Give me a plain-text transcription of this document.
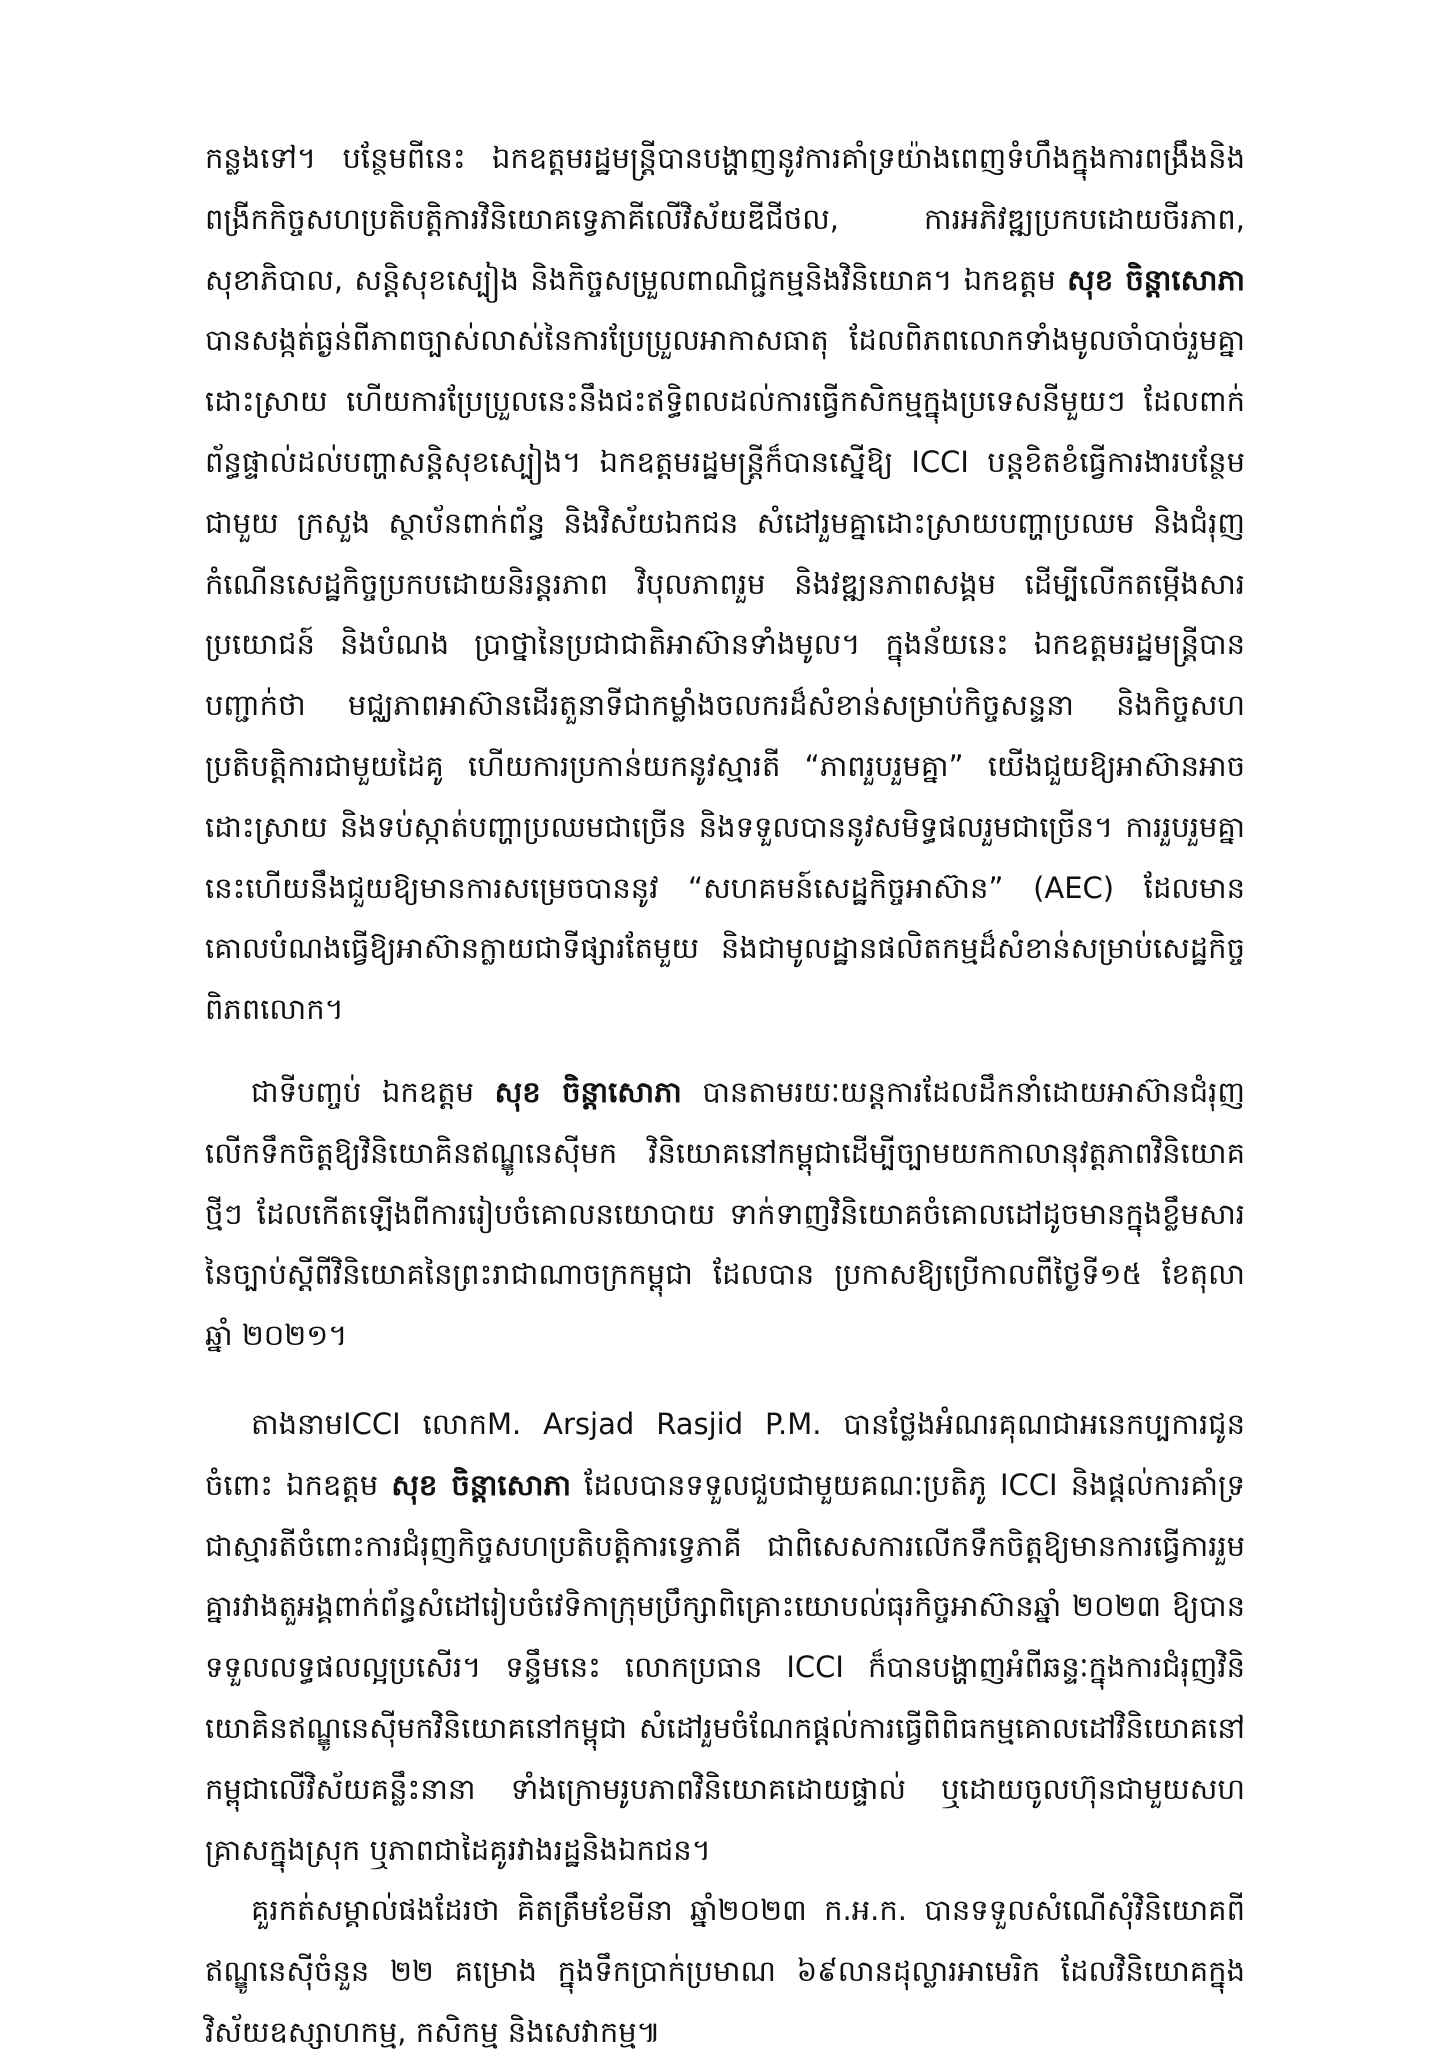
កន្លងទៅ។ បន្ថែមពីនេះ ឯកឧត្តមរដ្ឋមន្ត្រីបានបង្ហាញនូវការគាំទ្រយ៉ាងពេញទំហឹងក្នុងការពង្រឹងនិងពង្រីកកិច្ចសហប្រតិបត្តិការវិនិយោគទ្វេភាគីលើវិស័យឌីជីថល, ការអភិវឌ្ឍប្រកបដោយចីរភាព, សុខាភិបាល, សន្តិសុខស្បៀង និងកិច្ចសម្រួលពាណិជ្ជកម្មនិងវិនិយោគ។ ឯកឧត្តម សុខ ចិន្តាសោភា បានសង្កត់ធ្ងន់ពីភាពច្បាស់លាស់នៃការប្រែប្រួលអាកាសធាតុ ដែលពិភពលោកទាំងមូលចាំបាច់រួមគ្នាដោះស្រាយ ហើយការប្រែប្រួលនេះនឹងជះឥទ្ធិពលដល់ការធ្វើកសិកម្មក្នុងប្រទេសនីមួយៗ ដែលពាក់ព័ន្ធផ្ទាល់ដល់បញ្ហាសន្តិសុខស្បៀង។ ឯកឧត្តមរដ្ឋមន្ត្រីក៏បានស្នើឱ្យ ICCI បន្តខិតខំធ្វើការងារបន្ថែមជាមួយ ក្រសួង ស្ថាប័នពាក់ព័ន្ធ និងវិស័យឯកជន សំដៅរួមគ្នាដោះស្រាយបញ្ហាប្រឈម និងជំរុញកំណើនសេដ្ឋកិច្ចប្រកបដោយនិរន្តរភាព វិបុលភាពរួម និងវឌ្ឍនភាពសង្គម ដើម្បីលើកតម្កើងសារប្រយោជន៍ និងបំណង ប្រាថ្នានៃប្រជាជាតិអាស៊ានទាំងមូល។ ក្នុងន័យនេះ ឯកឧត្តមរដ្ឋមន្ត្រីបានបញ្ជាក់ថា មជ្ឈភាពអាស៊ានដើរតួនាទីជាកម្លាំងចលករដ៏សំខាន់សម្រាប់កិច្ចសន្ទនា និងកិច្ចសហប្រតិបត្តិការជាមួយដៃគូ ហើយការប្រកាន់យកនូវស្មារតី “ភាពរួបរួមគ្នា” យើងជួយឱ្យអាស៊ានអាចដោះស្រាយ និងទប់ស្កាត់បញ្ហាប្រឈមជាច្រើន និងទទួលបាននូវសមិទ្ធផលរួមជាច្រើន។ ការរួបរួមគ្នានេះហើយនឹងជួយឱ្យមានការសម្រេចបាននូវ “សហគមន៍សេដ្ឋកិច្ចអាស៊ាន” (AEC) ដែលមានគោលបំណងធ្វើឱ្យអាស៊ានក្លាយជាទីផ្សារតែមួយ និងជាមូលដ្ឋានផលិតកម្មដ៏សំខាន់សម្រាប់សេដ្ឋកិច្ចពិភពលោក។

ជាទីបញ្ចប់ ឯកឧត្តម សុខ ចិន្តាសោភា បានតាមរយៈយន្តការដែលដឹកនាំដោយអាស៊ានជំរុញលើកទឹកចិត្តឱ្យវិនិយោគិនឥណ្ឌូនេស៊ីមក វិនិយោគនៅកម្ពុជាដើម្បីច្បាមយកកាលានុវត្តភាពវិនិយោគថ្មីៗ ដែលកើតឡើងពីការរៀបចំគោលនយោបាយ ទាក់ទាញវិនិយោគចំគោលដៅដូចមានក្នុងខ្លឹមសារនៃច្បាប់ស្តីពីវិនិយោគនៃព្រះរាជាណាចក្រកម្ពុជា ដែលបាន ប្រកាសឱ្យប្រើកាលពីថ្ងៃទី១៥ ខែតុលា ឆ្នាំ ២០២១។

តាងនាមICCI លោកM. Arsjad Rasjid P.M. បានថ្លែងអំណរគុណជាអនេកប្បការជូនចំពោះ ឯកឧត្តម សុខ ចិន្តាសោភា ដែលបានទទួលជួបជាមួយគណៈប្រតិភូ ICCI និងផ្តល់ការគាំទ្រជាស្មារតីចំពោះការជំរុញកិច្ចសហប្រតិបត្តិការទ្វេភាគី ជាពិសេសការលើកទឹកចិត្តឱ្យមានការធ្វើការរួមគ្នារវាងតួអង្គពាក់ព័ន្ធសំដៅរៀបចំវេទិកាក្រុមប្រឹក្សាពិគ្រោះយោបល់ធុរកិច្ចអាស៊ានឆ្នាំ ២០២៣ ឱ្យបានទទួលលទ្ធផលល្អប្រសើរ។ ទន្ទឹមនេះ លោកប្រធាន ICCI ក៏បានបង្ហាញអំពីឆន្ទៈក្នុងការជំរុញវិនិយោគិនឥណ្ឌូនេស៊ីមកវិនិយោគនៅកម្ពុជា សំដៅរួមចំណែកផ្តល់ការធ្វើពិពិធកម្មគោលដៅវិនិយោគនៅកម្ពុជាលើវិស័យគន្លឹះនានា ទាំងក្រោមរូបភាពវិនិយោគដោយផ្ទាល់ ឬដោយចូលហ៊ុនជាមួយសហគ្រាសក្នុងស្រុក ឬភាពជាដៃគូរវាងរដ្ឋនិងឯកជន។

គួរកត់សម្គាល់ផងដែរថា គិតត្រឹមខែមីនា ឆ្នាំ២០២៣ ក.អ.ក. បានទទួលសំណើសុំវិនិយោគពីឥណ្ឌូនេស៊ីចំនួន ២២ គម្រោង ក្នុងទឹកប្រាក់ប្រមាណ ៦៩លានដុល្លារអាមេរិក ដែលវិនិយោគក្នុងវិស័យឧស្សាហកម្ម, កសិកម្ម និងសេវាកម្ម៕
